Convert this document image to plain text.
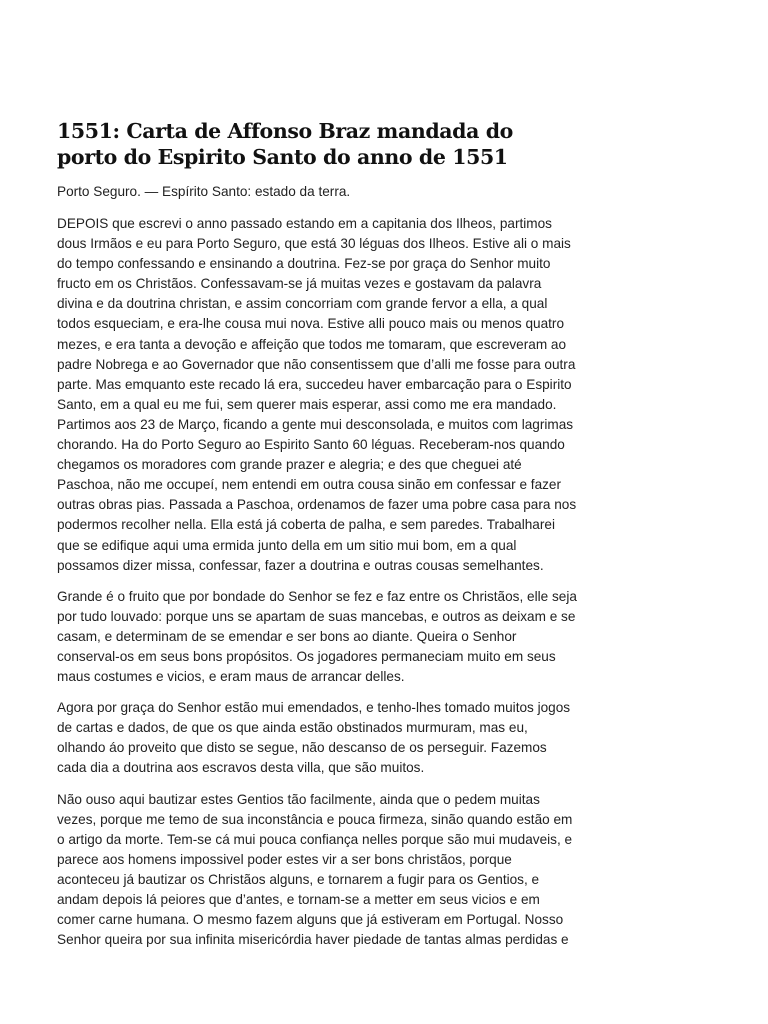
1551: Carta de Affonso Braz mandada do porto do Espirito Santo do anno de 1551

Porto Seguro. — Espírito Santo: estado da terra.

DEPOIS que escrevi o anno passado estando em a capitania dos Ilheos, partimos dous Irmãos e eu para Porto Seguro, que está 30 léguas dos Ilheos. Estive ali o mais do tempo confessando e ensinando a doutrina. Fez-se por graça do Senhor muito fructo em os Christãos. Confessavam-se já muitas vezes e gostavam da palavra divina e da doutrina christan, e assim concorriam com grande fervor a ella, a qual todos esqueciam, e era-lhe cousa mui nova. Estive alli pouco mais ou menos quatro mezes, e era tanta a devoção e affeição que todos me tomaram, que escreveram ao padre Nobrega e ao Governador que não consentissem que d’alli me fosse para outra parte. Mas emquanto este recado lá era, succedeu haver embarcação para o Espirito Santo, em a qual eu me fui, sem querer mais esperar, assi como me era mandado. Partimos aos 23 de Março, ficando a gente mui desconsolada, e muitos com lagrimas chorando. Ha do Porto Seguro ao Espirito Santo 60 léguas. Receberam-nos quando chegamos os moradores com grande prazer e alegria; e des que cheguei até Paschoa, não me occupeí, nem entendi em outra cousa sinão em confessar e fazer outras obras pias. Passada a Paschoa, ordenamos de fazer uma pobre casa para nos podermos recolher nella. Ella está já coberta de palha, e sem paredes. Trabalharei que se edifique aqui uma ermida junto della em um sitio mui bom, em a qual possamos dizer missa, confessar, fazer a doutrina e outras cousas semelhantes.

Grande é o fruito que por bondade do Senhor se fez e faz entre os Christãos, elle seja por tudo louvado: porque uns se apartam de suas mancebas, e outros as deixam e se casam, e determinam de se emendar e ser bons ao diante. Queira o Senhor conserval-os em seus bons propósitos. Os jogadores permaneciam muito em seus maus costumes e vicios, e eram maus de arrancar delles.

Agora por graça do Senhor estão mui emendados, e tenho-lhes tomado muitos jogos de cartas e dados, de que os que ainda estão obstinados murmuram, mas eu, olhando áo proveito que disto se segue, não descanso de os perseguir. Fazemos cada dia a doutrina aos escravos desta villa, que são muitos.

Não ouso aqui bautizar estes Gentios tão facilmente, ainda que o pedem muitas vezes, porque me temo de sua inconstância e pouca firmeza, sinão quando estão em o artigo da morte. Tem-se cá mui pouca confiança nelles porque são mui mudaveis, e parece aos homens impossivel poder estes vir a ser bons christãos, porque aconteceu já bautizar os Christãos alguns, e tornarem a fugir para os Gentios, e andam depois lá peiores que d’antes, e tornam-se a metter em seus vicios e em comer carne humana. O mesmo fazem alguns que já estiveram em Portugal. Nosso Senhor queira por sua infinita misericórdia haver piedade de tantas almas perdidas e
